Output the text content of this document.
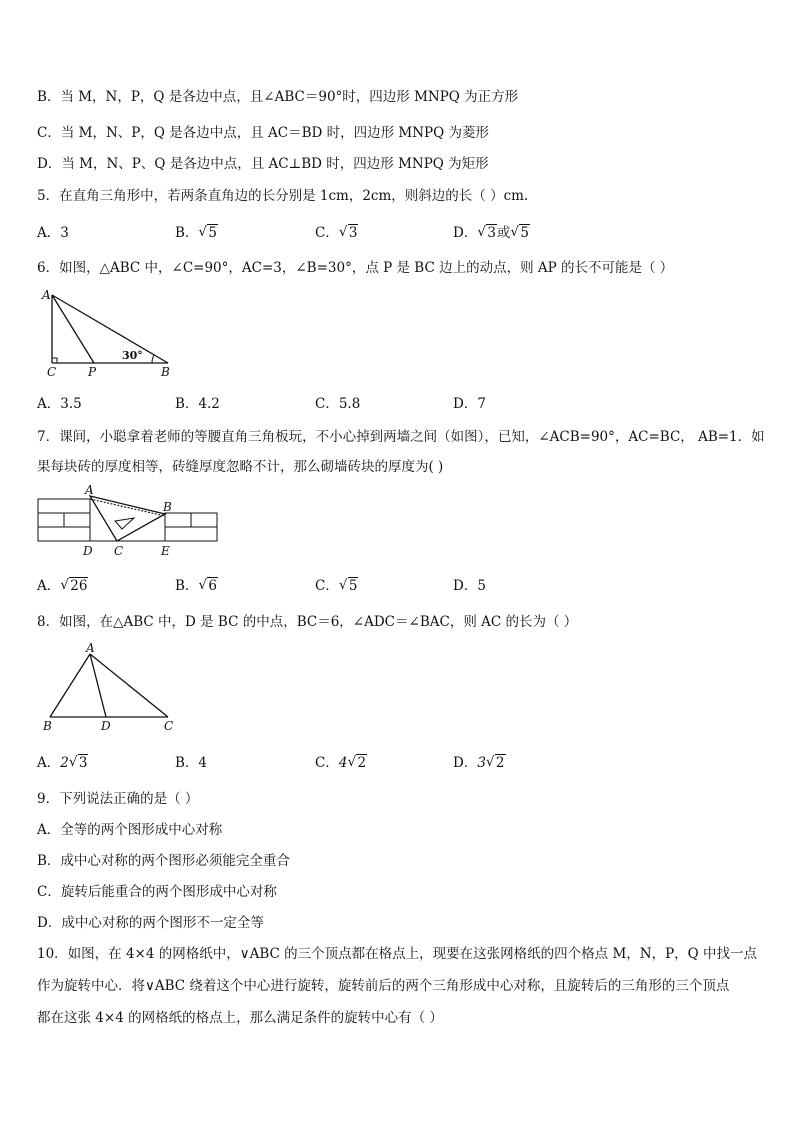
B．当 M，N，P，Q 是各边中点，且∠ABC＝90°时，四边形 MNPQ 为正方形
C．当 M，N、P，Q 是各边中点，且 AC＝BD 时，四边形 MNPQ 为菱形
D．当 M，N、P、Q 是各边中点，且 AC⊥BD 时，四边形 MNPQ 为矩形
5．在直角三角形中，若两条直角边的长分别是 1cm，2cm，则斜边的长（ ）cm.
A．3	B． √ 5	C． √ 3	D． √ 3或 √ 5
6．如图，△ABC 中，∠C=90°，AC=3，∠B=30°，点 P 是 BC 边上的动点，则 AP 的长不可能是（ ）
A
C	P	B
30°
A．3.5	B．4.2	C．5.8	D．7
7．课间，小聪拿着老师的等腰直角三角板玩，不小心掉到两墙之间（如图），已知，∠ACB=90°，AC=BC， AB=1．如
果每块砖的厚度相等，砖缝厚度忽略不计，那么砌墙砖块的厚度为( )
A
B
D C	E
A． √ 26	B． √ 6	C． √ 5	D．5
8．如图，在△ABC 中，D 是 BC 的中点，BC＝6，∠ADC＝∠BAC，则 AC 的长为（ ）
A
B	D	C
A．2 √ 3	B．4	C．4 √ 2	D．3 √ 2
9．下列说法正确的是（ ）
A．全等的两个图形成中心对称
B．成中心对称的两个图形必须能完全重合
C．旋转后能重合的两个图形成中心对称
D．成中心对称的两个图形不一定全等
10．如图，在 4×4 的网格纸中，∨ABC 的三个顶点都在格点上，现要在这张网格纸的四个格点 M，N，P，Q 中找一点
作为旋转中心．将∨ABC 绕着这个中心进行旋转，旋转前后的两个三角形成中心对称，且旋转后的三角形的三个顶点
都在这张 4×4 的网格纸的格点上，那么满足条件的旋转中心有（ ）
